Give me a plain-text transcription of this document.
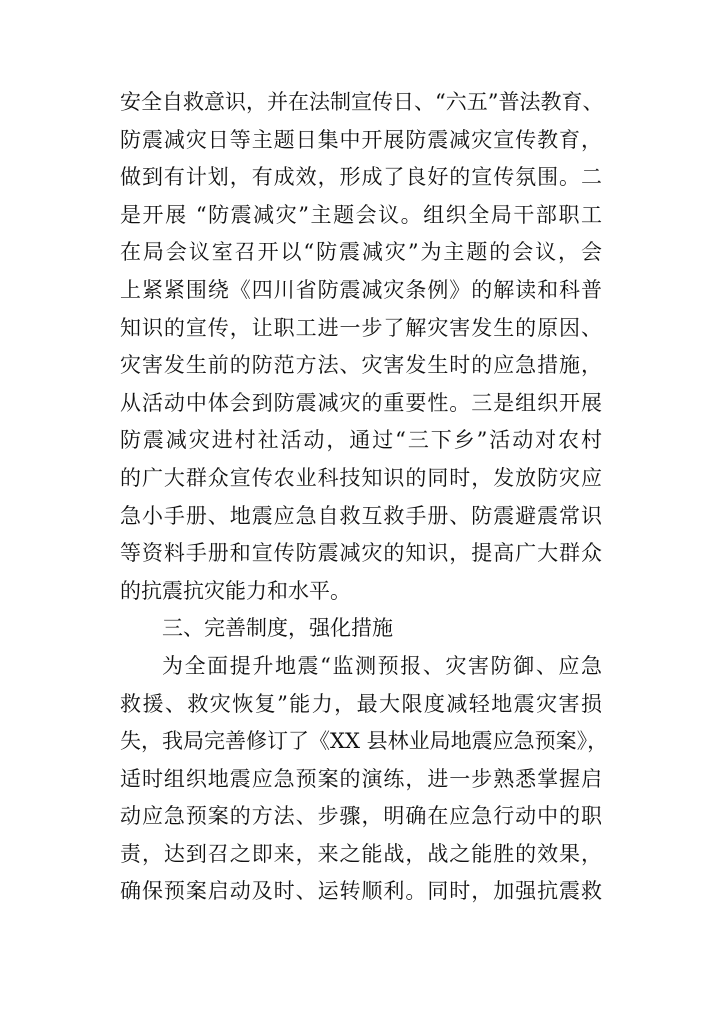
安全自救意识，并在法制宣传日、“六五”普法教育、
防震减灾日等主题日集中开展防震减灾宣传教育，
做到有计划，有成效，形成了良好的宣传氛围。二
是开展 “防震减灾”主题会议。组织全局干部职工
在局会议室召开以“防震减灾”为主题的会议，会
上紧紧围绕《四川省防震减灾条例》的解读和科普
知识的宣传，让职工进一步了解灾害发生的原因、
灾害发生前的防范方法、灾害发生时的应急措施，
从活动中体会到防震减灾的重要性。三是组织开展
防震减灾进村社活动，通过“三下乡”活动对农村
的广大群众宣传农业科技知识的同时，发放防灾应
急小手册、地震应急自救互救手册、防震避震常识
等资料手册和宣传防震减灾的知识，提高广大群众
的抗震抗灾能力和水平。
三、完善制度，强化措施
为全面提升地震“监测预报、灾害防御、应急
救援、救灾恢复”能力，最大限度减轻地震灾害损
失，我局完善修订了《XX 县林业局地震应急预案》，
适时组织地震应急预案的演练，进一步熟悉掌握启
动应急预案的方法、步骤，明确在应急行动中的职
责，达到召之即来，来之能战，战之能胜的效果，
确保预案启动及时、运转顺利。同时，加强抗震救
